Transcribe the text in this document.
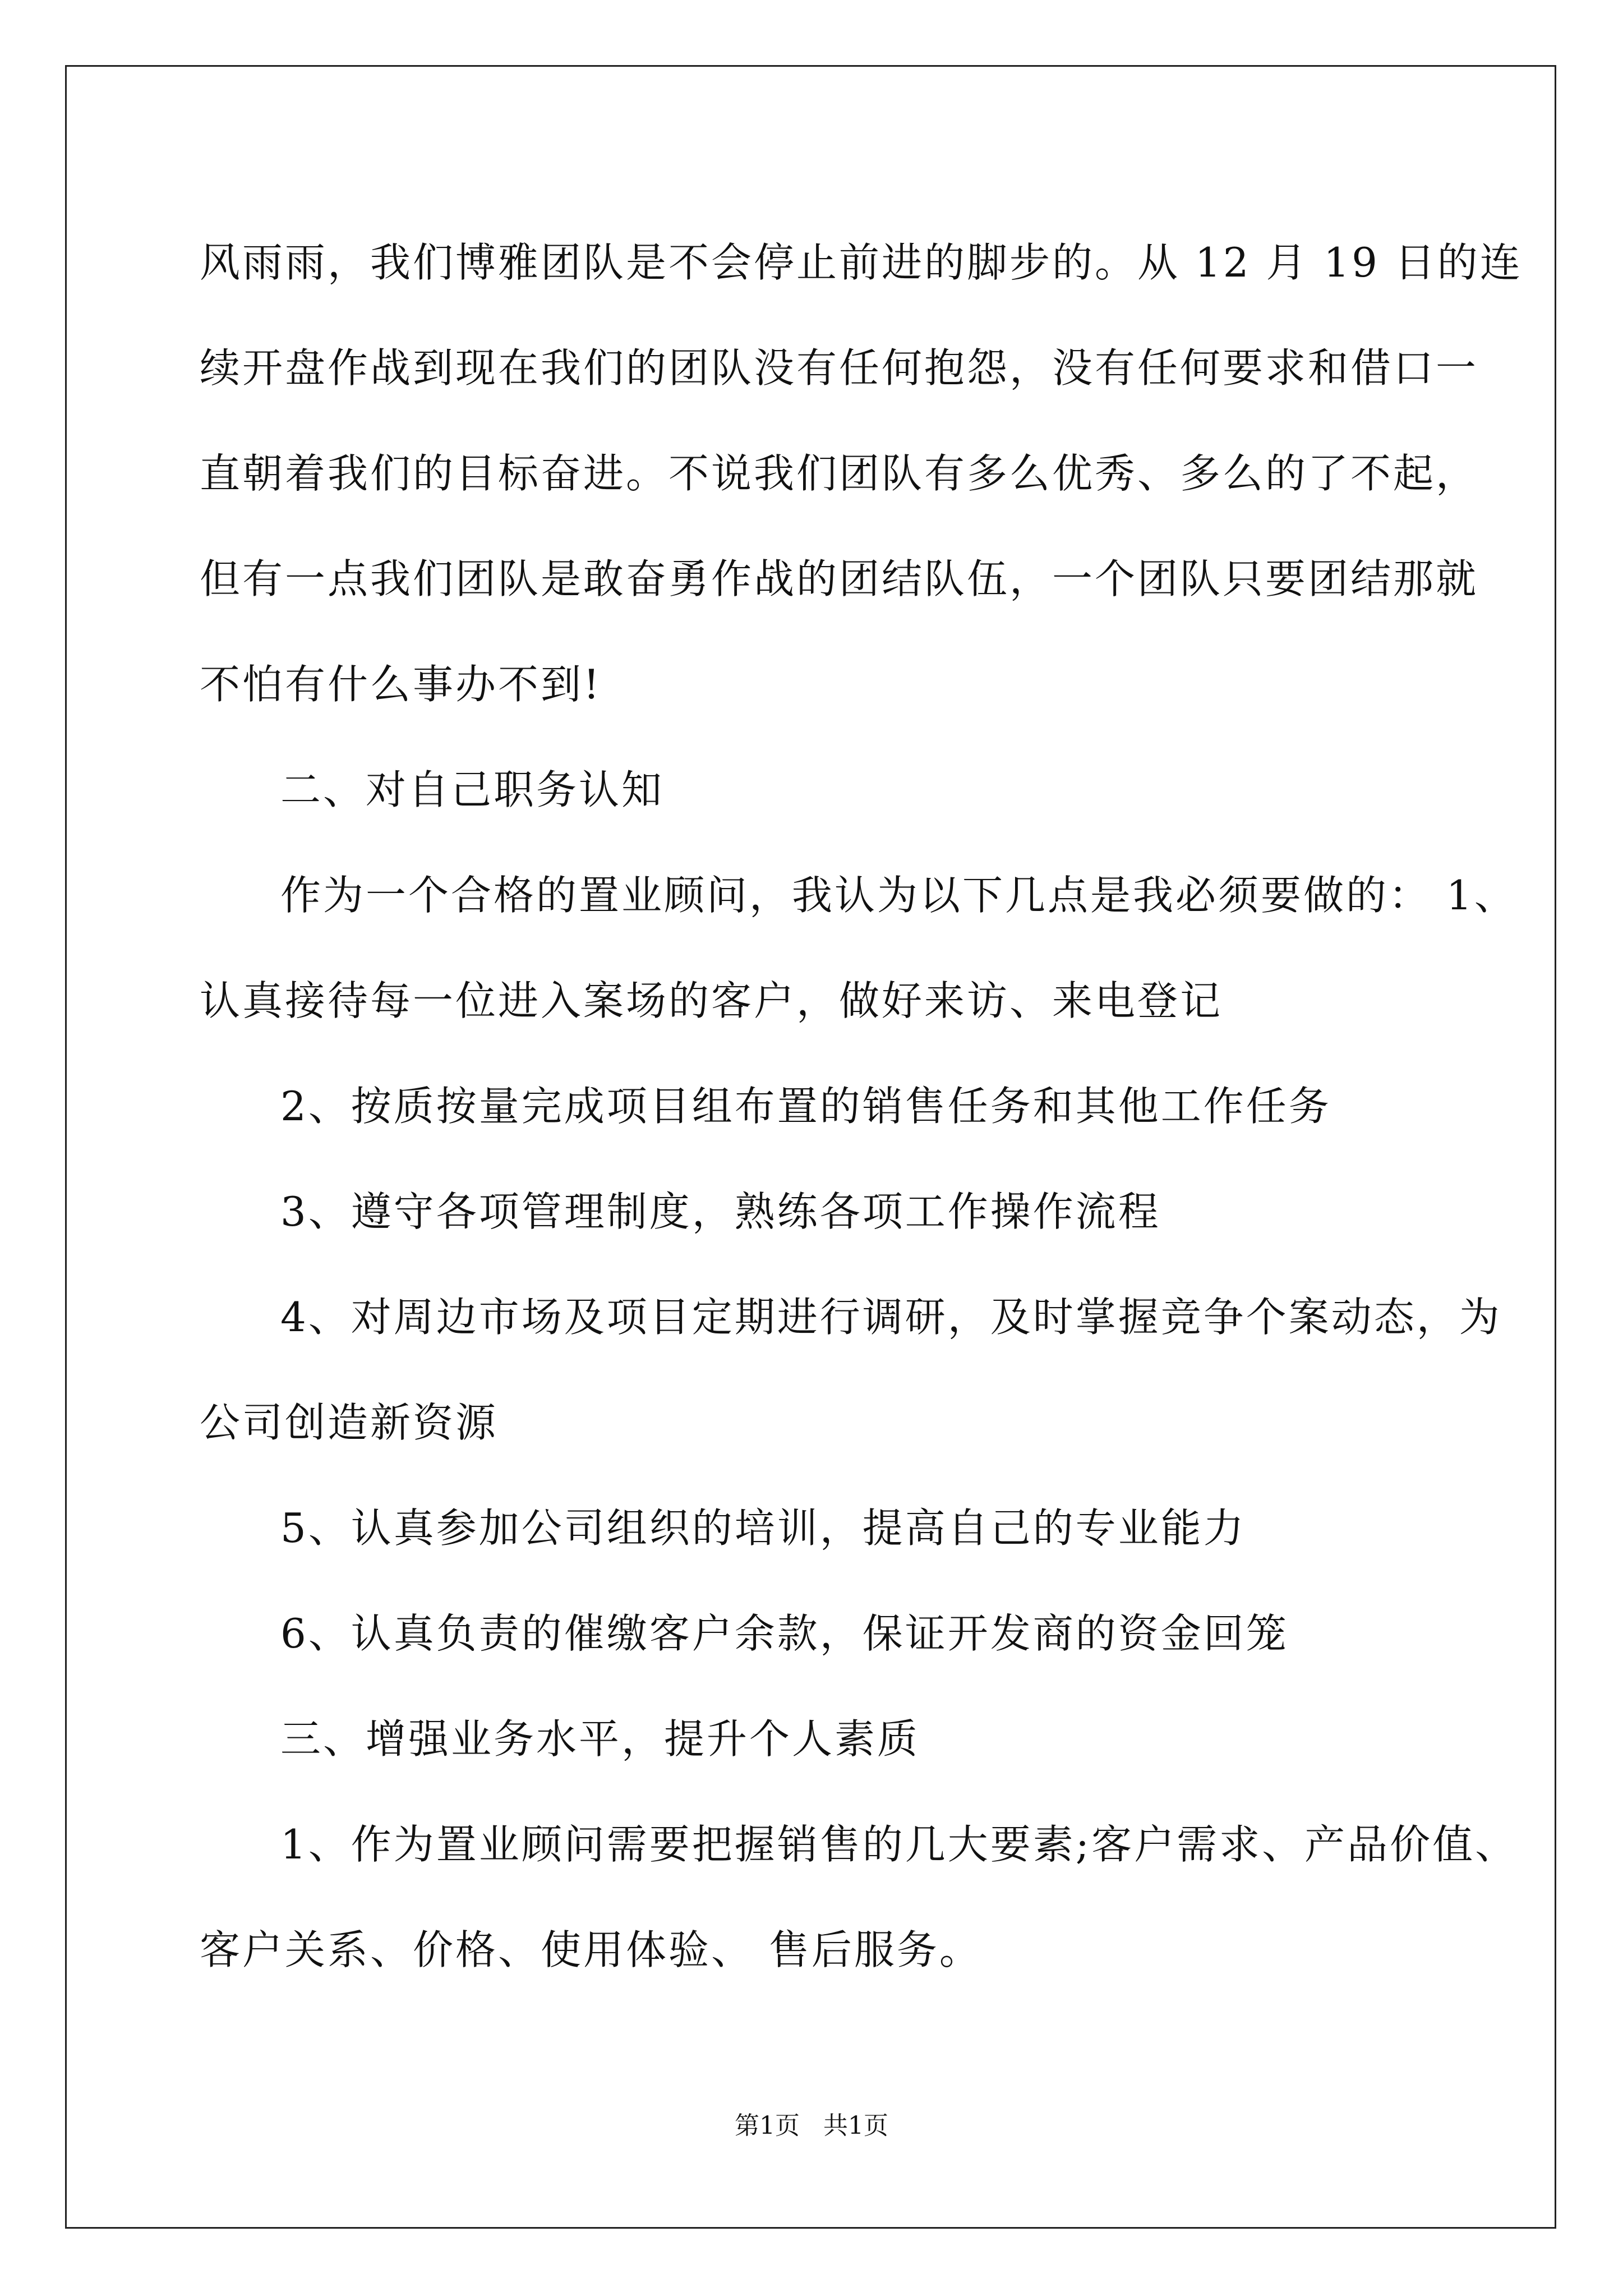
风雨雨，我们博雅团队是不会停止前进的脚步的。从 12 月 19 日的连

续开盘作战到现在我们的团队没有任何抱怨，没有任何要求和借口一

直朝着我们的目标奋进。不说我们团队有多么优秀、多么的了不起，

但有一点我们团队是敢奋勇作战的团结队伍，一个团队只要团结那就

不怕有什么事办不到!

二、对自己职务认知

作为一个合格的置业顾问，我认为以下几点是我必须要做的： 1、

认真接待每一位进入案场的客户，做好来访、来电登记

2、按质按量完成项目组布置的销售任务和其他工作任务

3、遵守各项管理制度，熟练各项工作操作流程

4、对周边市场及项目定期进行调研，及时掌握竞争个案动态，为

公司创造新资源

5、认真参加公司组织的培训，提高自己的专业能力

6、认真负责的催缴客户余款，保证开发商的资金回笼

三、增强业务水平，提升个人素质

1、作为置业顾问需要把握销售的几大要素;客户需求、产品价值、

客户关系、价格、使用体验、 售后服务。

第1页 共1页
